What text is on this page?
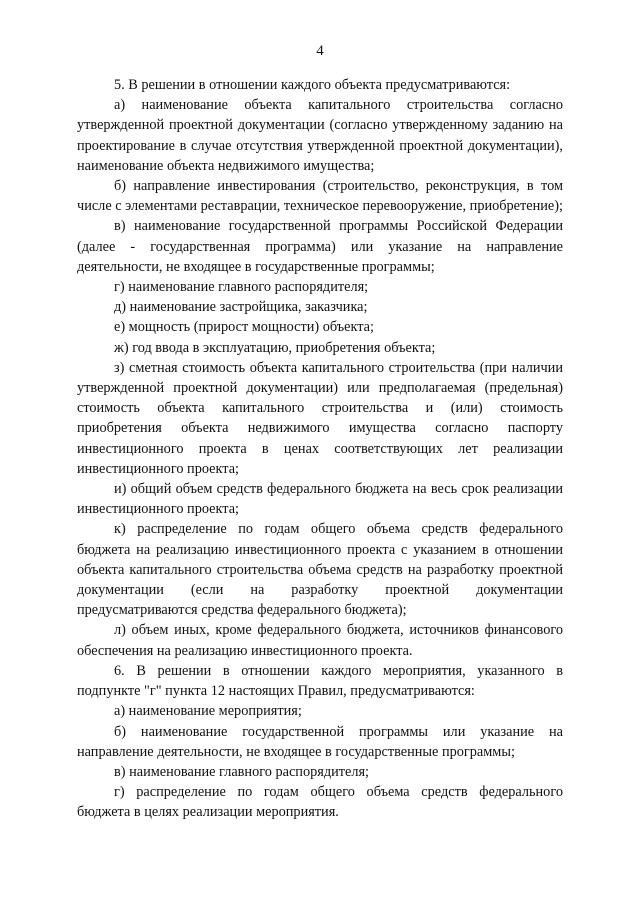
4

5. В решении в отношении каждого объекта предусматриваются:

а) наименование объекта капитального строительства согласно утвержденной проектной документации (согласно утвержденному заданию на проектирование в случае отсутствия утвержденной проектной документации), наименование объекта недвижимого имущества;

б) направление инвестирования (строительство, реконструкция, в том числе с элементами реставрации, техническое перевооружение, приобретение);

в) наименование государственной программы Российской Федерации (далее - государственная программа) или указание на направление деятельности, не входящее в государственные программы;

г) наименование главного распорядителя;

д) наименование застройщика, заказчика;

е) мощность (прирост мощности) объекта;

ж) год ввода в эксплуатацию, приобретения объекта;

з) сметная стоимость объекта капитального строительства (при наличии утвержденной проектной документации) или предполагаемая (предельная) стоимость объекта капитального строительства и (или) стоимость приобретения объекта недвижимого имущества согласно паспорту инвестиционного проекта в ценах соответствующих лет реализации инвестиционного проекта;

и) общий объем средств федерального бюджета на весь срок реализации инвестиционного проекта;

к) распределение по годам общего объема средств федерального бюджета на реализацию инвестиционного проекта с указанием в отношении объекта капитального строительства объема средств на разработку проектной документации (если на разработку проектной документации предусматриваются средства федерального бюджета);

л) объем иных, кроме федерального бюджета, источников финансового обеспечения на реализацию инвестиционного проекта.

6. В решении в отношении каждого мероприятия, указанного в подпункте "г" пункта 12 настоящих Правил, предусматриваются:

а) наименование мероприятия;

б) наименование государственной программы или указание на направление деятельности, не входящее в государственные программы;

в) наименование главного распорядителя;

г) распределение по годам общего объема средств федерального бюджета в целях реализации мероприятия.
